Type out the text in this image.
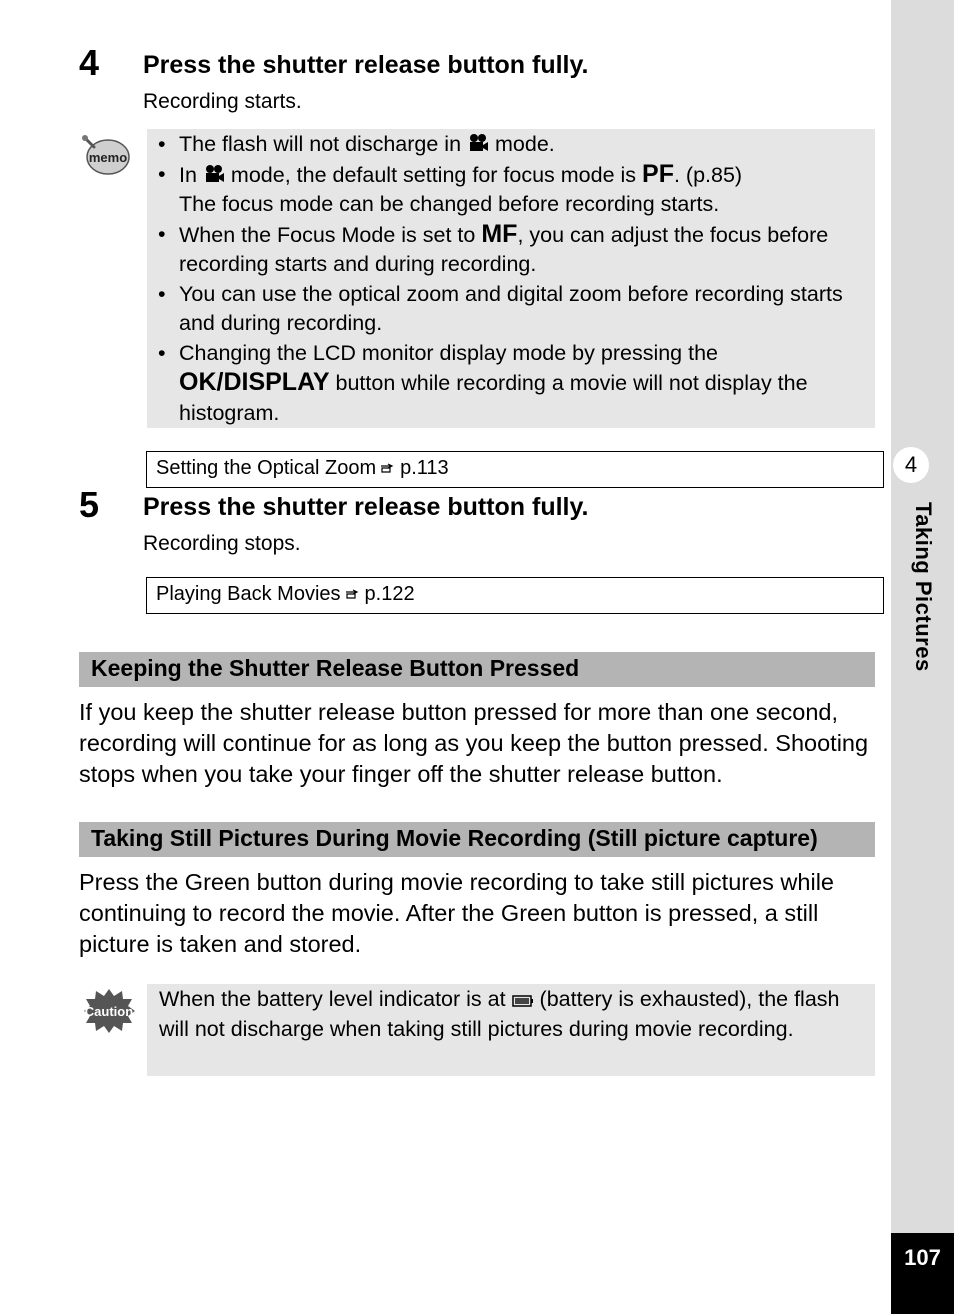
4
Taking Pictures
107
4 Press the shutter release button fully.
Recording starts.
memo
• The flash will not discharge in mode.
• In mode, the default setting for focus mode is PF. (p.85)
The focus mode can be changed before recording starts.
• When the Focus Mode is set to MF, you can adjust the focus before recording starts and during recording.
• You can use the optical zoom and digital zoom before recording starts and during recording.
• Changing the LCD monitor display mode by pressing the OK/DISPLAY button while recording a movie will not display the histogram.
Setting the Optical Zoom p.113
5 Press the shutter release button fully.
Recording stops.
Playing Back Movies p.122
Keeping the Shutter Release Button Pressed

If you keep the shutter release button pressed for more than one second, recording will continue for as long as you keep the button pressed. Shooting stops when you take your finger off the shutter release button.

Taking Still Pictures During Movie Recording (Still picture capture)

Press the Green button during movie recording to take still pictures while continuing to record the movie. After the Green button is pressed, a still picture is taken and stored.

Caution

When the battery level indicator is at (battery is exhausted), the flash will not discharge when taking still pictures during movie recording.
